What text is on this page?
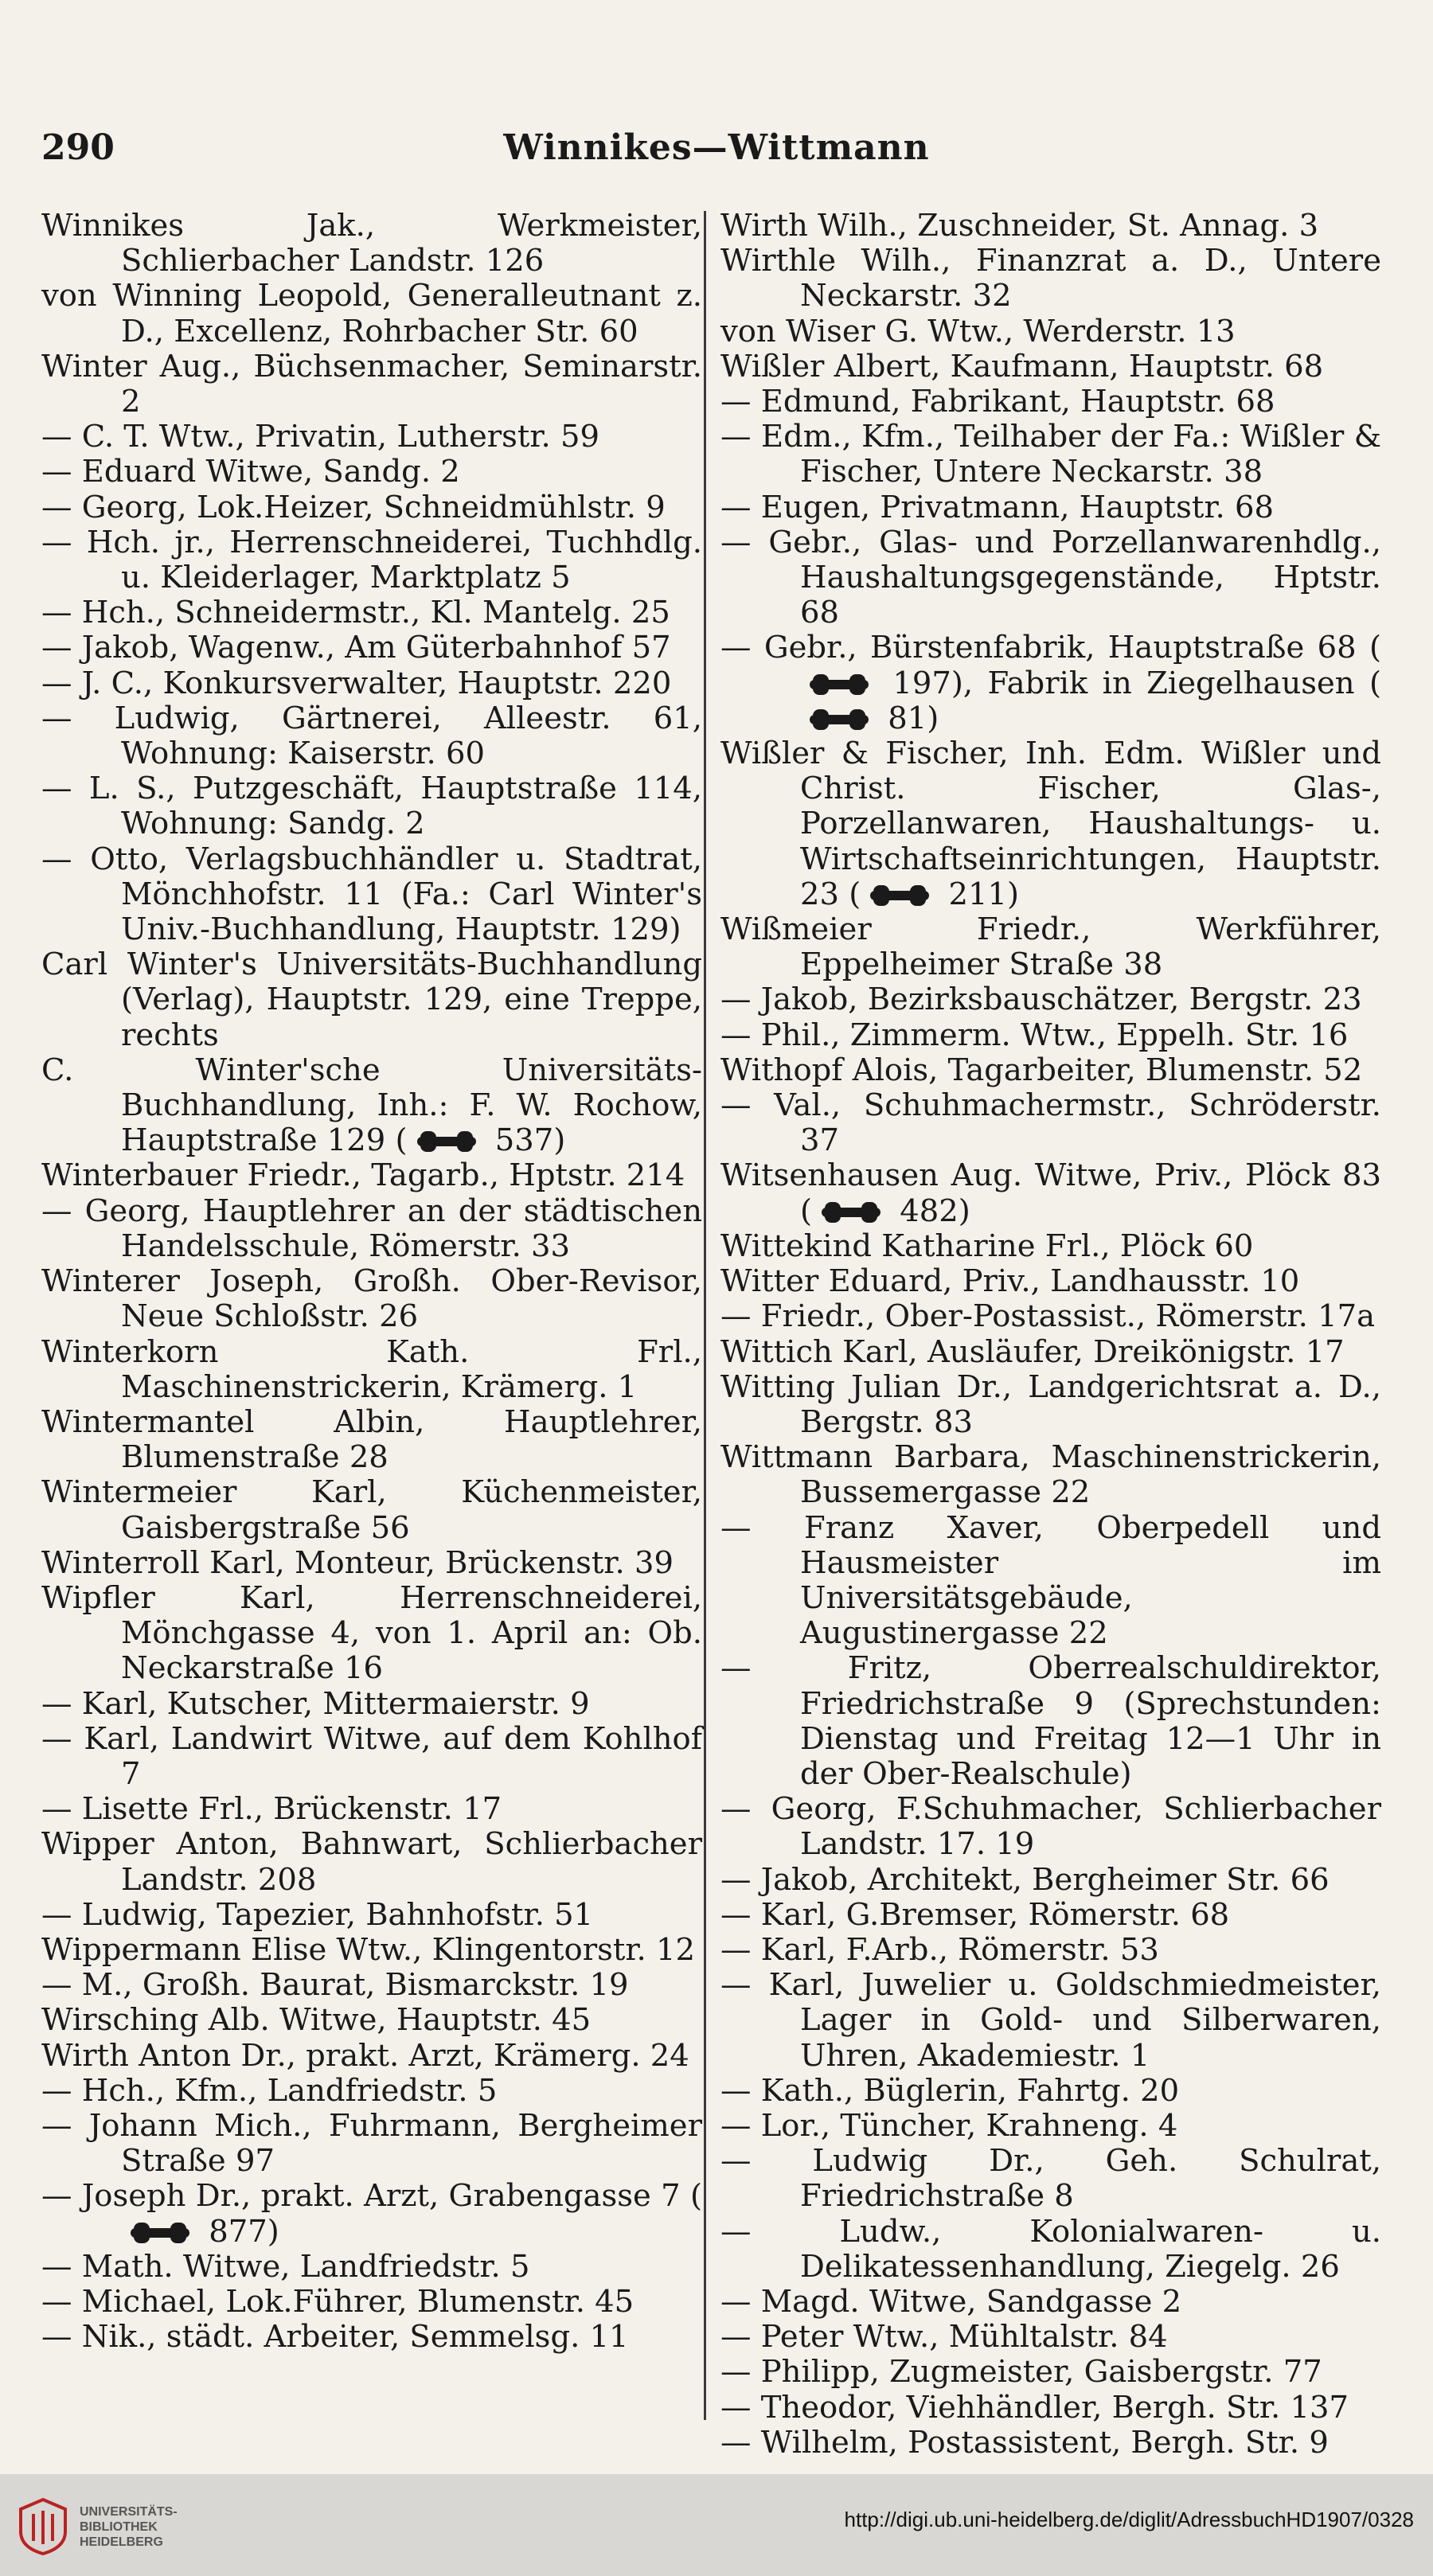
290	Winnikes—Wittmann

Winnikes Jak., Werkmeister, Schlierbacher Landstr. 126

von Winning Leopold, Generalleutnant z. D., Excellenz, Rohrbacher Str. 60

Winter Aug., Büchsenmacher, Seminarstr. 2

— C. T. Wtw., Privatin, Lutherstr. 59

— Eduard Witwe, Sandg. 2

— Georg, Lok.Heizer, Schneidmühlstr. 9

— Hch. jr., Herrenschneiderei, Tuchhdlg. u. Kleiderlager, Marktplatz 5

— Hch., Schneidermstr., Kl. Mantelg. 25

— Jakob, Wagenw., Am Güterbahnhof 57

— J. C., Konkursverwalter, Hauptstr. 220

— Ludwig, Gärtnerei, Alleestr. 61, Wohnung: Kaiserstr. 60

— L. S., Putzgeschäft, Hauptstraße 114, Wohnung: Sandg. 2

— Otto, Verlagsbuchhändler u. Stadtrat, Mönchhofstr. 11 (Fa.: Carl Winter's Univ.-Buchhandlung, Hauptstr. 129)

Carl Winter's Universitäts-Buchhandlung (Verlag), Hauptstr. 129, eine Treppe, rechts

C. Winter'sche Universitäts-Buchhandlung, Inh.: F. W. Rochow, Hauptstraße 129 (	537)

Winterbauer Friedr., Tagarb., Hptstr. 214

— Georg, Hauptlehrer an der städtischen Handelsschule, Römerstr. 33

Winterer Joseph, Großh. Ober-Revisor, Neue Schloßstr. 26

Winterkorn Kath. Frl., Maschinenstrickerin, Krämerg. 1

Wintermantel Albin, Hauptlehrer, Blumenstraße 28

Wintermeier Karl, Küchenmeister, Gaisbergstraße 56

Winterroll Karl, Monteur, Brückenstr. 39

Wipfler Karl, Herrenschneiderei, Mönchgasse 4, von 1. April an: Ob. Neckarstraße 16

— Karl, Kutscher, Mittermaierstr. 9

— Karl, Landwirt Witwe, auf dem Kohlhof 7

— Lisette Frl., Brückenstr. 17

Wipper Anton, Bahnwart, Schlierbacher Landstr. 208

— Ludwig, Tapezier, Bahnhofstr. 51

Wippermann Elise Wtw., Klingentorstr. 12

— M., Großh. Baurat, Bismarckstr. 19

Wirsching Alb. Witwe, Hauptstr. 45

Wirth Anton Dr., prakt. Arzt, Krämerg. 24

— Hch., Kfm., Landfriedstr. 5

— Johann Mich., Fuhrmann, Bergheimer Straße 97

— Joseph Dr., prakt. Arzt, Grabengasse 7 ( 877)

— Math. Witwe, Landfriedstr. 5

— Michael, Lok.Führer, Blumenstr. 45

— Nik., städt. Arbeiter, Semmelsg. 11

Wirth Wilh., Zuschneider, St. Annag. 3

Wirthle Wilh., Finanzrat a. D., Untere Neckarstr. 32

von Wiser G. Wtw., Werderstr. 13

Wißler Albert, Kaufmann, Hauptstr. 68

— Edmund, Fabrikant, Hauptstr. 68

— Edm., Kfm., Teilhaber der Fa.: Wißler & Fischer, Untere Neckarstr. 38

— Eugen, Privatmann, Hauptstr. 68

— Gebr., Glas- und Porzellanwarenhdlg., Haushaltungsgegenstände, Hptstr. 68

— Gebr., Bürstenfabrik, Hauptstraße 68 ( 197), Fabrik in Ziegelhausen ( 81)

Wißler & Fischer, Inh. Edm. Wißler und Christ. Fischer, Glas-, Porzellanwaren, Haushaltungs- u. Wirtschaftseinrichtungen, Hauptstr. 23 (	211)

Wißmeier Friedr., Werkführer, Eppelheimer Straße 38

— Jakob, Bezirksbauschätzer, Bergstr. 23

— Phil., Zimmerm. Wtw., Eppelh. Str. 16

Withopf Alois, Tagarbeiter, Blumenstr. 52

— Val., Schuhmachermstr., Schröderstr. 37

Witsenhausen Aug. Witwe, Priv., Plöck 83 (	482)

Wittekind Katharine Frl., Plöck 60

Witter Eduard, Priv., Landhausstr. 10

— Friedr., Ober-Postassist., Römerstr. 17a

Wittich Karl, Ausläufer, Dreikönigstr. 17

Witting Julian Dr., Landgerichtsrat a. D., Bergstr. 83

Wittmann Barbara, Maschinenstrickerin, Bussemergasse 22

— Franz Xaver, Oberpedell und Hausmeister im Universitätsgebäude, Augustinergasse 22

— Fritz, Oberrealschuldirektor, Friedrichstraße 9 (Sprechstunden: Dienstag und Freitag 12—1 Uhr in der Ober-Realschule)

— Georg, F.Schuhmacher, Schlierbacher Landstr. 17. 19

— Jakob, Architekt, Bergheimer Str. 66

— Karl, G.Bremser, Römerstr. 68

— Karl, F.Arb., Römerstr. 53

— Karl, Juwelier u. Goldschmiedmeister, Lager in Gold- und Silberwaren, Uhren, Akademiestr. 1

— Kath., Büglerin, Fahrtg. 20

— Lor., Tüncher, Krahneng. 4

— Ludwig Dr., Geh. Schulrat, Friedrichstraße 8

— Ludw., Kolonialwaren- u. Delikatessenhandlung, Ziegelg. 26

— Magd. Witwe, Sandgasse 2

— Peter Wtw., Mühltalstr. 84

— Philipp, Zugmeister, Gaisbergstr. 77

— Theodor, Viehhändler, Bergh. Str. 137

— Wilhelm, Postassistent, Bergh. Str. 9

UNIVERSITÄTS-
BIBLIOTHEK
HEIDELBERG
http://digi.ub.uni-heidelberg.de/diglit/AdressbuchHD1907/0328
